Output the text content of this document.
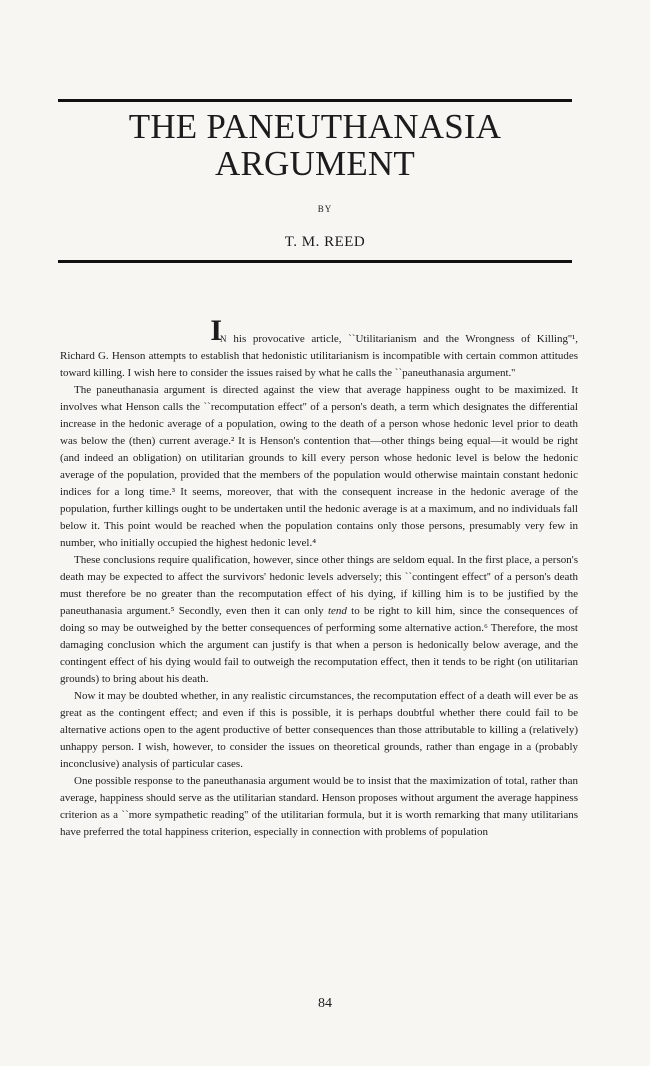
THE PANEUTHANASIA ARGUMENT
BY
T. M. REED

I
N his provocative article, ``Utilitarianism and the Wrongness of Killing''¹, Richard G. Henson attempts to establish that hedonistic utilitarianism is incompatible with certain common attitudes toward killing. I wish here to consider the issues raised by what he calls the ``paneuthanasia argument.''

The paneuthanasia argument is directed against the view that average happiness ought to be maximized. It involves what Henson calls the ``recomputation effect'' of a person's death, a term which designates the differential increase in the hedonic average of a population, owing to the death of a person whose hedonic level prior to death was below the (then) current average.² It is Henson's contention that—other things being equal—it would be right (and indeed an obligation) on utilitarian grounds to kill every person whose hedonic level is below the hedonic average of the population, provided that the members of the population would otherwise maintain constant hedonic indices for a long time.³ It seems, moreover, that with the consequent increase in the hedonic average of the population, further killings ought to be undertaken until the hedonic average is at a maximum, and no individuals fall below it. This point would be reached when the population contains only those persons, presumably very few in number, who initially occupied the highest hedonic level.⁴

These conclusions require qualification, however, since other things are seldom equal. In the first place, a person's death may be expected to affect the survivors' hedonic levels adversely; this ``contingent effect'' of a person's death must therefore be no greater than the recomputation effect of his dying, if killing him is to be justified by the paneuthanasia argument.⁵ Secondly, even then it can only tend to be right to kill him, since the consequences of doing so may be outweighed by the better consequences of performing some alternative action.⁶ Therefore, the most damaging conclusion which the argument can justify is that when a person is hedonically below average, and the contingent effect of his dying would fail to outweigh the recomputation effect, then it tends to be right (on utilitarian grounds) to bring about his death.

Now it may be doubted whether, in any realistic circumstances, the recomputation effect of a death will ever be as great as the contingent effect; and even if this is possible, it is perhaps doubtful whether there could fail to be alternative actions open to the agent productive of better consequences than those attributable to killing a (relatively) unhappy person. I wish, however, to consider the issues on theoretical grounds, rather than engage in a (probably inconclusive) analysis of particular cases.

One possible response to the paneuthanasia argument would be to insist that the maximization of total, rather than average, happiness should serve as the utilitarian standard. Henson proposes without argument the average happiness criterion as a ``more sympathetic reading'' of the utilitarian formula, but it is worth remarking that many utilitarians have preferred the total happiness criterion, especially in connection with problems of population

84
